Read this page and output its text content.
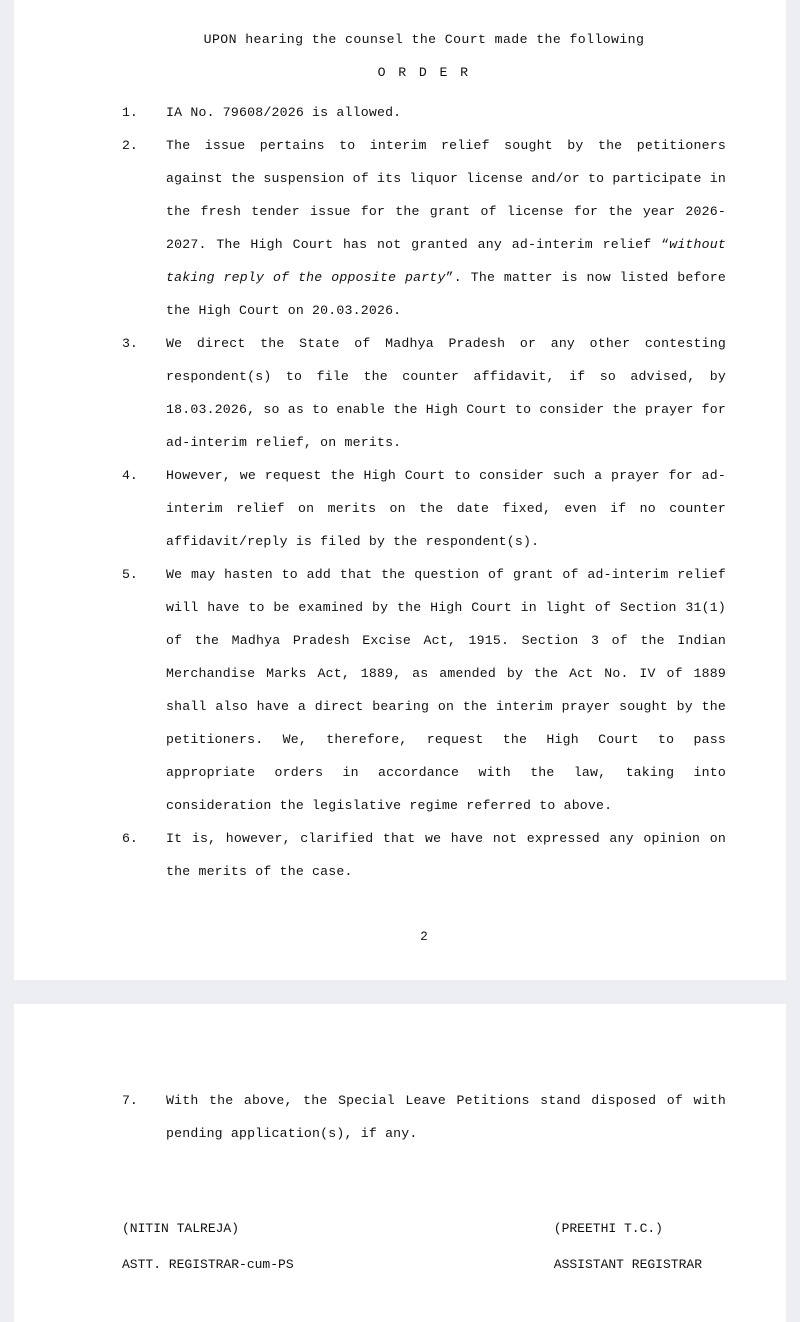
UPON hearing the counsel the Court made the following
O R D E R
1.	IA No. 79608/2026 is allowed.
2.	The issue pertains to interim relief sought by the petitioners against the suspension of its liquor license and/or to participate in the fresh tender issue for the grant of license for the year 2026-2027. The High Court has not granted any ad-interim relief “without taking reply of the opposite party”. The matter is now listed before the High Court on 20.03.2026.
3.	We direct the State of Madhya Pradesh or any other contesting respondent(s) to file the counter affidavit, if so advised, by 18.03.2026, so as to enable the High Court to consider the prayer for ad-interim relief, on merits.
4.	However, we request the High Court to consider such a prayer for ad-interim relief on merits on the date fixed, even if no counter affidavit/reply is filed by the respondent(s).
5.	We may hasten to add that the question of grant of ad-interim relief will have to be examined by the High Court in light of Section 31(1) of the Madhya Pradesh Excise Act, 1915. Section 3 of the Indian Merchandise Marks Act, 1889, as amended by the Act No. IV of 1889 shall also have a direct bearing on the interim prayer sought by the petitioners. We, therefore, request the High Court to pass appropriate orders in accordance with the law, taking into consideration the legislative regime referred to above.
6.	It is, however, clarified that we have not expressed any opinion on the merits of the case.
2
7.	With the above, the Special Leave Petitions stand disposed of with pending application(s), if any.

(NITIN TALREJA)

ASTT. REGISTRAR-cum-PS

(PREETHI T.C.)

ASSISTANT REGISTRAR
